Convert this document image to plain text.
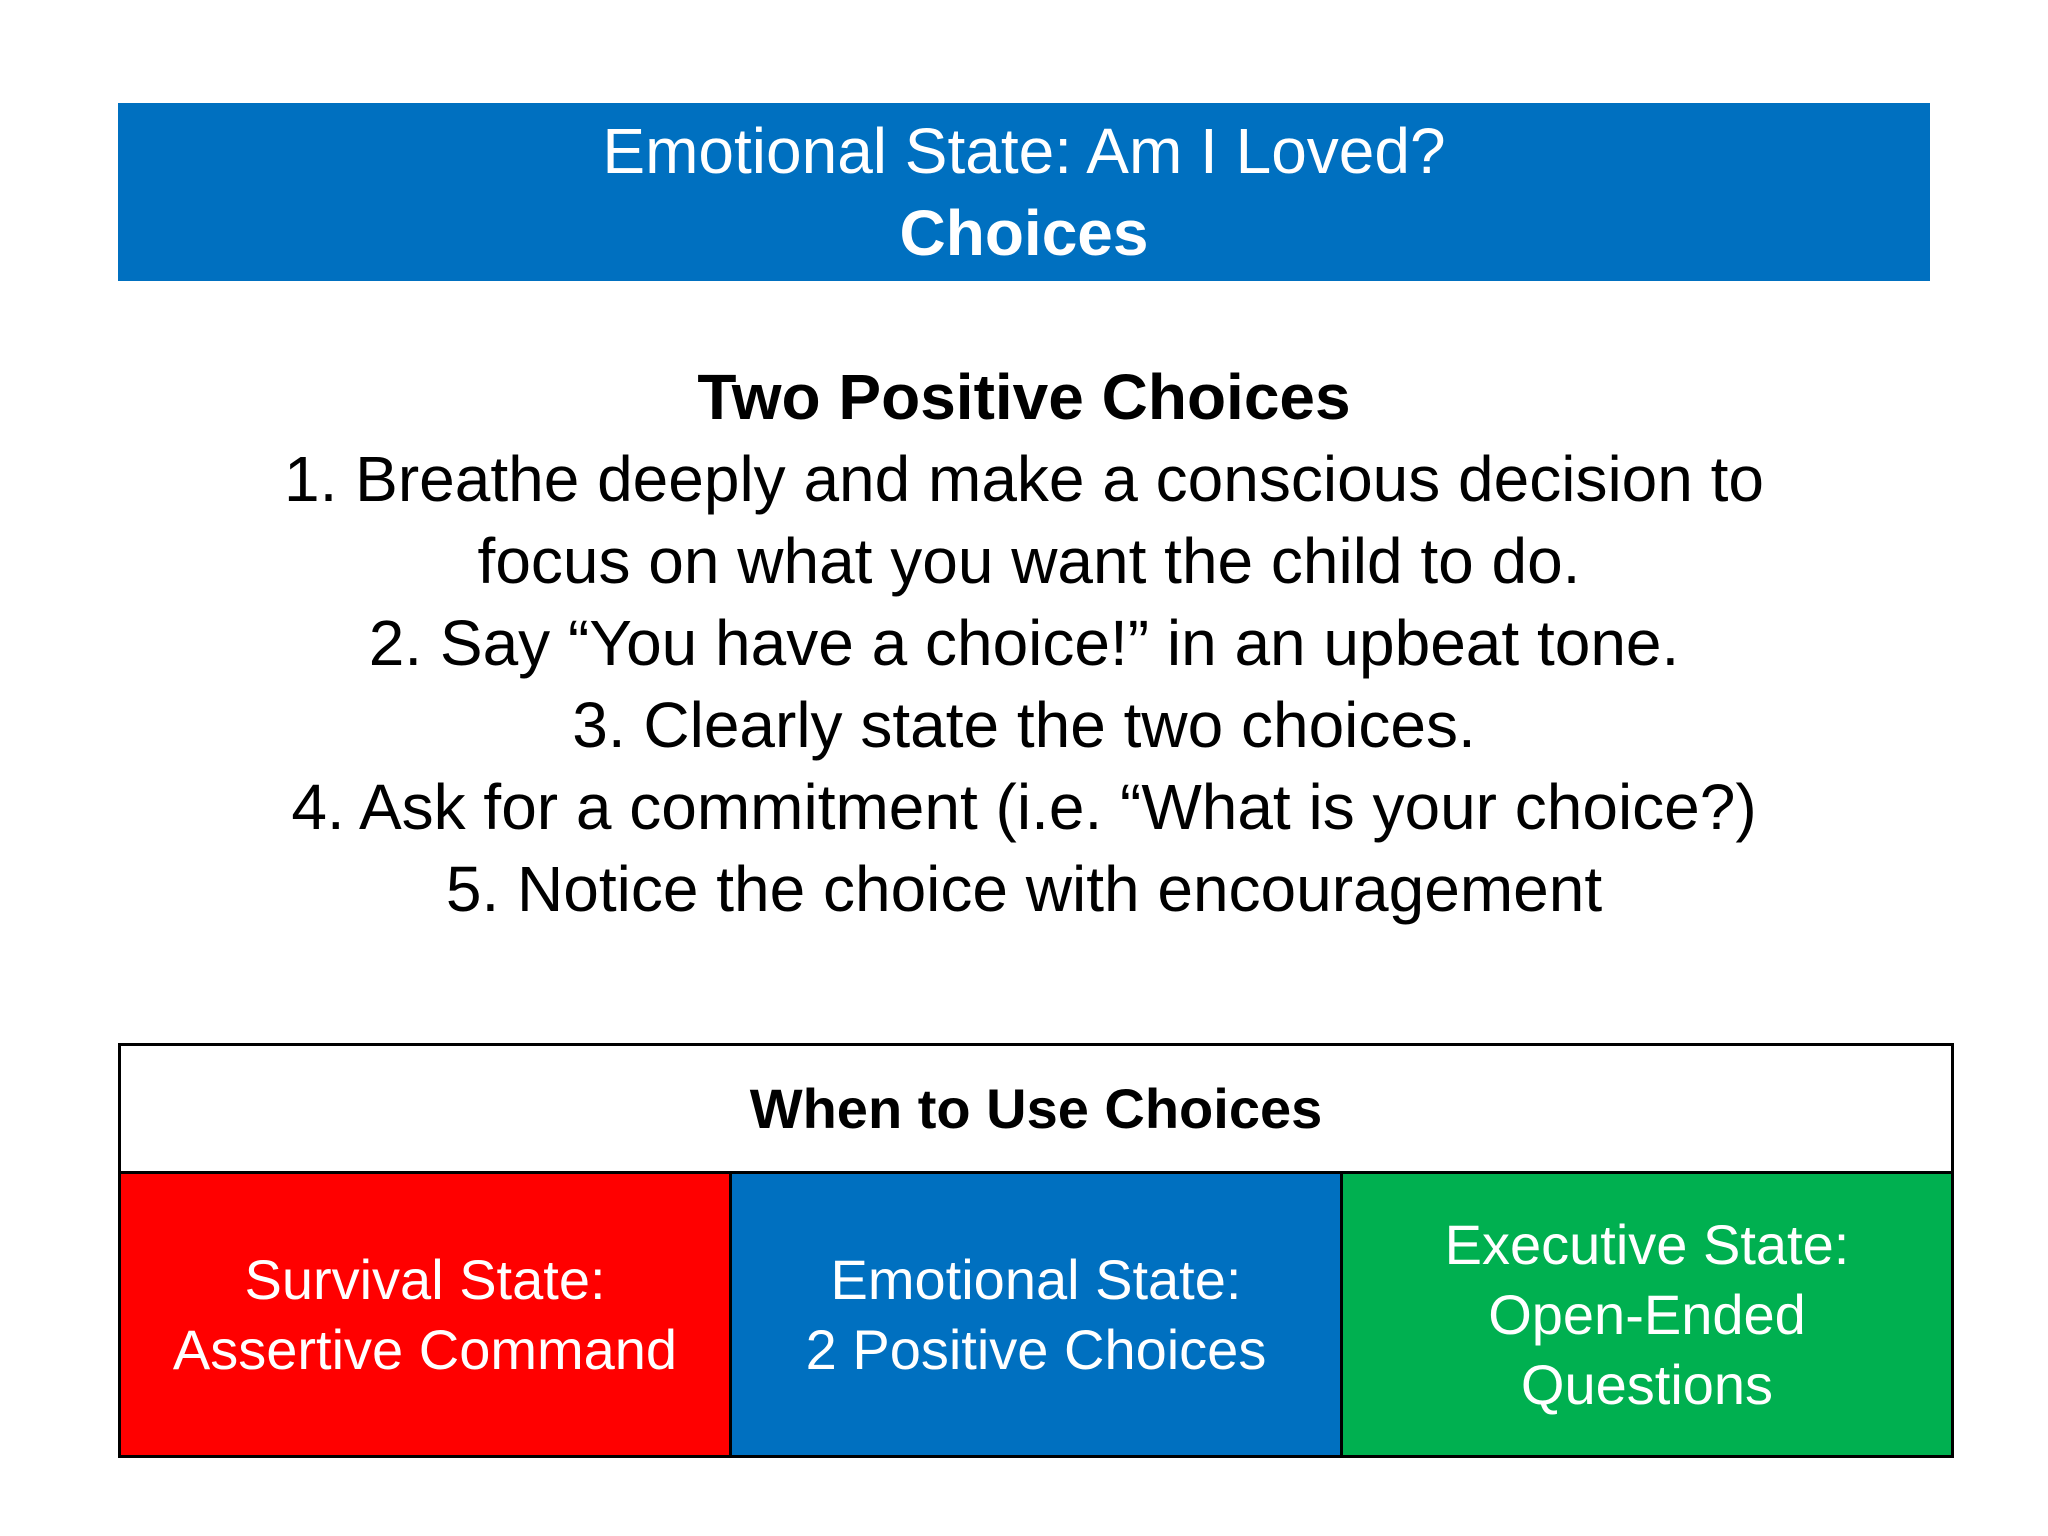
Emotional State: Am I Loved?
Choices
Two Positive Choices
1. Breathe deeply and make a conscious decision to
focus on what you want the child to do.
2. Say “You have a choice!” in an upbeat tone.
3. Clearly state the two choices.
4. Ask for a commitment (i.e. “What is your choice?)
5. Notice the choice with encouragement
When to Use Choices
Survival State:
Assertive Command
Emotional State:
2 Positive Choices
Executive State:
Open-Ended
Questions
